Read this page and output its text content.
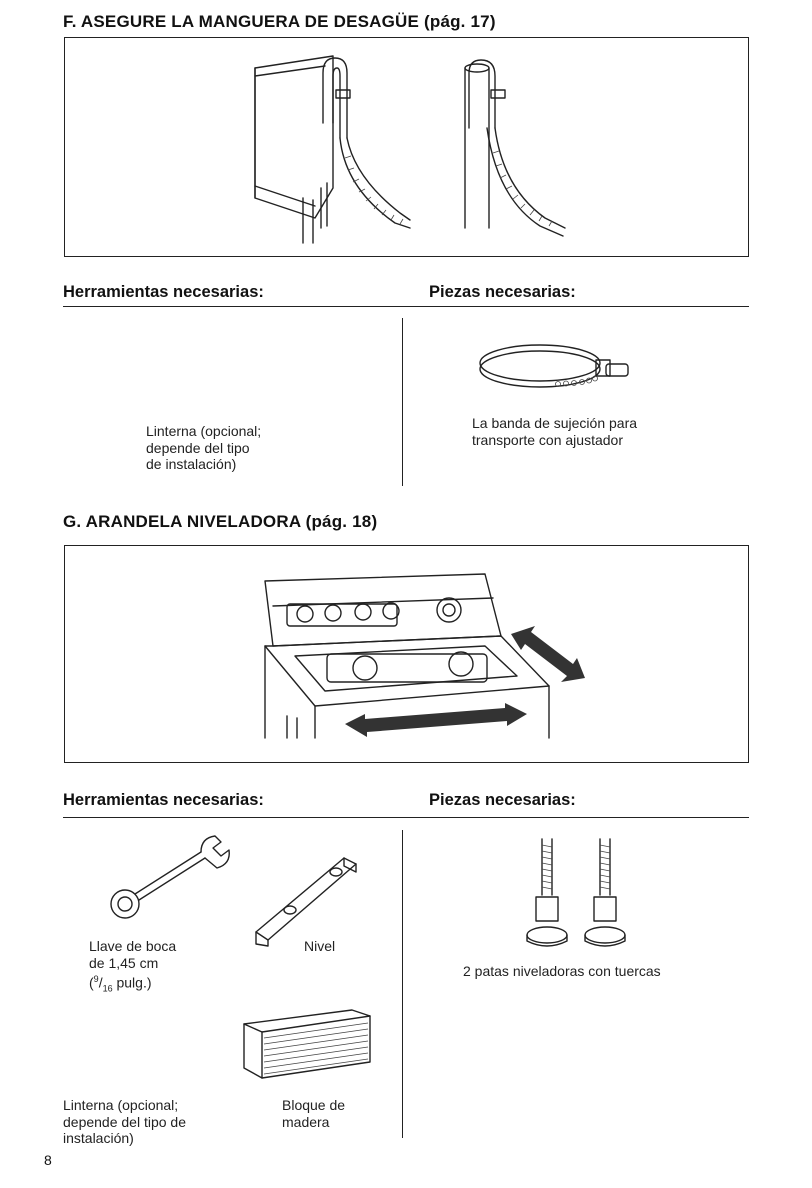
F. ASEGURE LA MANGUERA DE DESAGÜE (pág. 17)
Herramientas necesarias:	Piezas necesarias:
Linterna (opcional;
depende del tipo
de instalación)
La banda de sujeción para
transporte con ajustador
G. ARANDELA NIVELADORA (pág. 18)
Herramientas necesarias:	Piezas necesarias:
Llave de boca
de 1,45 cm
($^9/_{16}$ pulg.)
Nivel
Linterna (opcional;
depende del tipo de
instalación)
Bloque de
madera
2 patas niveladoras con tuercas
8
